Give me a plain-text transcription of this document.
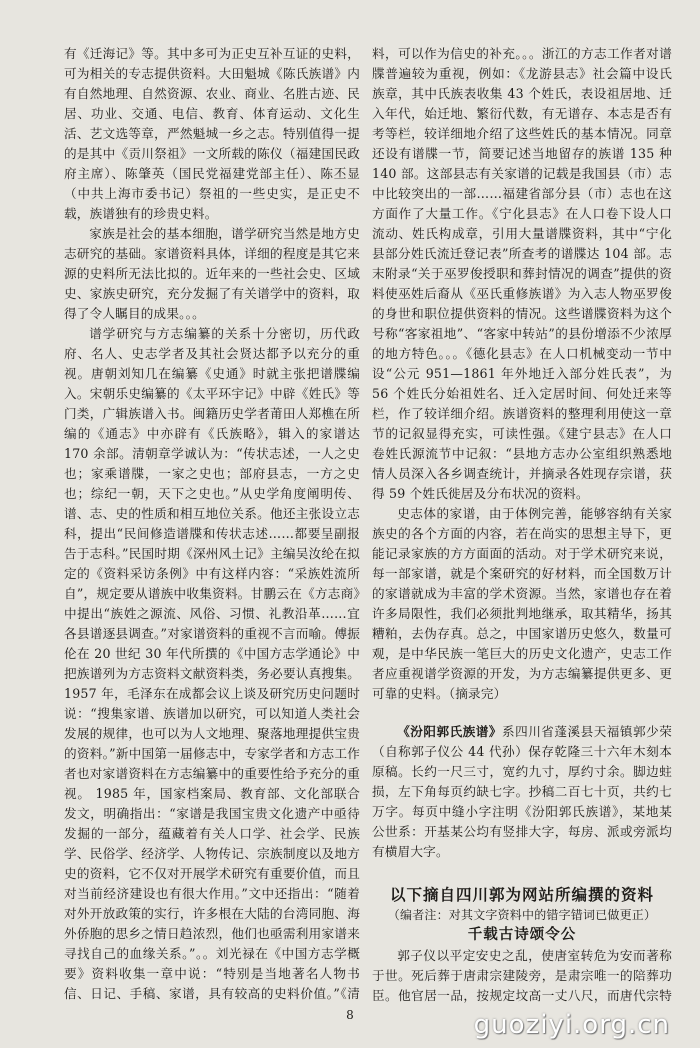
有《迁海记》等。其中多可为正史互补互证的史料，可为相关的专志提供资料。大田魁城《陈氏族谱》内有自然地理、自然资源、农业、商业、名胜古迹、民居、功业、交通、电信、教育、体育运动、文化生活、艺文选等章，严然魁城一乡之志。特别值得一提的是其中《贡川祭祖》一文所载的陈仪（福建国民政府主席）、陈肇英（国民党福建党部主任）、陈丕显（中共上海市委书记）祭祖的一些史实，是正史不载，族谱独有的珍贵史料。

家族是社会的基本细胞，谱学研究当然是地方史志研究的基础。家谱资料具体，详细的程度是其它来源的史料所无法比拟的。近年来的一些社会史、区域史、家族史研究，充分发掘了有关谱学中的资料，取得了令人瞩目的成果。。。

谱学研究与方志编纂的关系十分密切，历代政府、名人、史志学者及其社会贤达都予以充分的重视。唐朝刘知几在编纂《史通》时就主张把谱牒编入。宋朝乐史编纂的《太平环宇记》中辟《姓氏》等门类，广辑族谱入书。闽籍历史学者莆田人郑樵在所编的《通志》中亦辟有《氏族略》，辑入的家谱达 170 余部。清朝章学诚认为：“传状志述，一人之史也；家乘谱牒，一家之史也；部府县志，一方之史也；综纪一朝，天下之史也。”从史学角度阐明传、谱、志、史的性质和相互地位关系。他还主张设立志科，提出“民间修造谱牒和传状志述……都要呈副报告于志科。”民国时期《深州风土记》主编吴汝纶在拟定的《资料采访条例》中有这样内容：“采族姓流所自”，规定要从谱族中收集资料。甘鹏云在《方志商》中提出“族姓之源流、风俗、习惯、礼教沿革……宜各县谱逐县调查。”对家谱资料的重视不言而喻。傅振伦在 20 世纪 30 年代所撰的《中国方志学通论》中把族谱列为方志资料文献资料类，务必要认真搜集。1957 年，毛泽东在成都会议上谈及研究历史问题时说：“搜集家谱、族谱加以研究，可以知道人类社会发展的规律，也可以为人文地理、聚落地理提供宝贵的资料。”新中国第一届修志中，专家学者和方志工作者也对家谱资料在方志编纂中的重要性给予充分的重视。 1985 年，国家档案局、教育部、文化部联合发文，明确指出：“家谱是我国宝贵文化遗产中亟待发掘的一部分，蕴藏着有关人口学、社会学、民族学、民俗学、经济学、人物传记、宗族制度以及地方史的资料，它不仅对开展学术研究有重要价值，而且对当前经济建设也有很大作用。”文中还指出：“随着对外开放政策的实行，许多根在大陆的台湾同胞、海外侨胞的思乡之情日趋浓烈，他们也亟需利用家谱来寻找自己的血缘关系。”。。刘光禄在《中国方志学概要》资料收集一章中说：“特别是当地著名人物书信、日记、手稿、家谱，具有较高的史料价值。”《清

料，可以作为信史的补充。。。浙江的方志工作者对谱牒普遍较为重视，例如：《龙游县志》社会篇中设氏族章，其中氏族表收集 43 个姓氏，表设祖居地、迁入年代，始迁地、繁衍代数，有无谱存、本志是否有考等栏，较详细地介绍了这些姓氏的基本情况。同章还设有谱牒一节，简要记述当地留存的族谱 135 种 140 部。这部县志有关家谱的记载是我国县（市）志中比较突出的一部……福建省部分县（市）志也在这方面作了大量工作。《宁化县志》在人口卷下设人口流动、姓氏构成章，引用大量谱牒资料，其中“宁化县部分姓氏流迁登记表”所查考的谱牒达 104 部。志末附录“关于巫罗俊授职和葬封情况的调查”提供的资料使巫姓后裔从《巫氏重修族谱》为入志人物巫罗俊的身世和职位提供资料的情况。这些谱牒资料为这个号称“客家祖地”、“客家中转站”的县份增添不少浓厚的地方特色。。。《德化县志》在人口机械变动一节中设“公元 951—1861 年外地迁入部分姓氏表”，为 56 个姓氏分始祖姓名、迁入定居时间、何处迁来等栏，作了较详细介绍。族谱资料的整理利用使这一章节的记叙显得充实，可读性强。《建宁县志》在人口卷姓氏源流节中记叙：“县地方志办公室组织熟悉地情人员深入各乡调查统计，并摘录各姓现存宗谱，获得 59 个姓氏徙居及分布状况的资料。

史志体的家谱，由于体例完善，能够容纳有关家族史的各个方面的内容，若在尚实的思想主导下，更能记录家族的方方面面的活动。对于学术研究来说，每一部家谱，就是个案研究的好材料，而全国数万计的家谱就成为丰富的学术资源。当然，家谱也存在着许多局限性，我们必须批判地继承，取其精华，扬其糟粕，去伪存真。总之，中国家谱历史悠久，数量可观，是中华民族一笔巨大的历史文化遗产，史志工作者应重视谱学资源的开发，为方志编纂提供更多、更可靠的史料。（摘录完）

《汾阳郭氏族谱》系四川省蓬溪县天福镇郭少荣（自称郭子仪公 44 代孙）保存乾隆三十六年木刻本原稿。长约一尺三寸，宽约九寸，厚约寸余。脚边蛀损，左下角每页约缺七字。抄稿二百七十页，共约七万字。每页中缝小字注明《汾阳郭氏族谱》，某地某公世系：开基某公均有竖排大字，每房、派或旁派均有横眉大字。

以下摘自四川郭为网站所编撰的资料
（编者注：对其文字资料中的错字错词已做更正）
千载古诗颂令公

郭子仪以平定安史之乱，使唐室转危为安而著称于世。死后葬于唐肃宗建陵旁，是肃宗唯一的陪葬功臣。他官居一品，按规定坟高一丈八尺，而唐代宗特

8	guoziyi.org.cn
